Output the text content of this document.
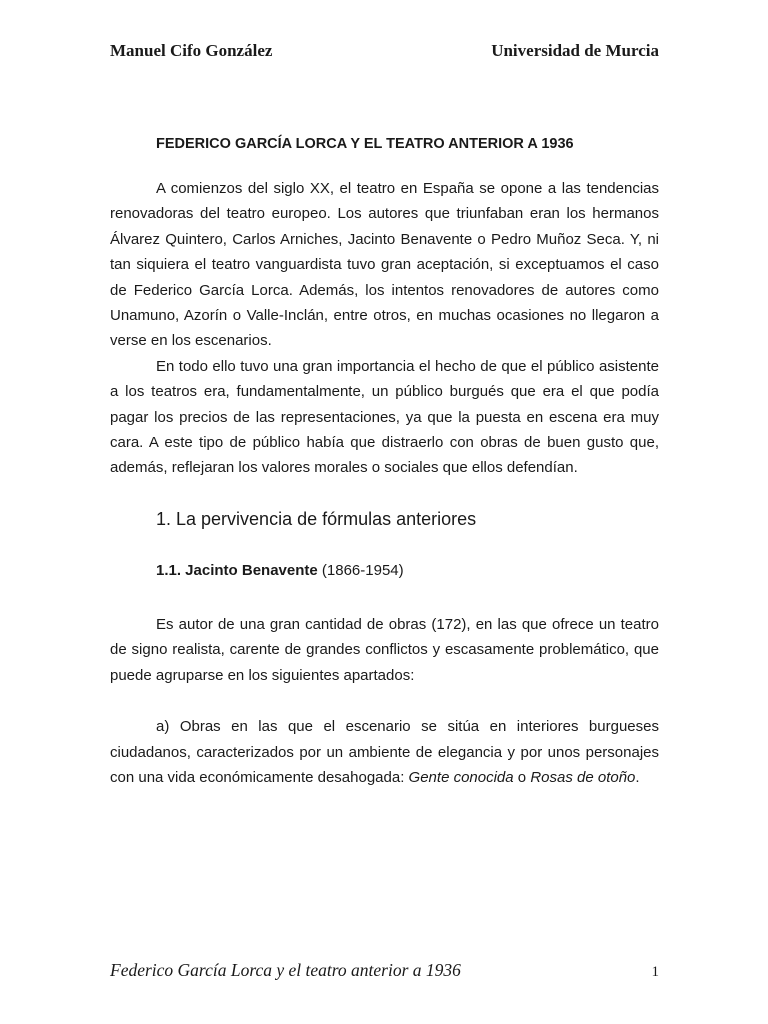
Manuel Cifo González	Universidad de Murcia

FEDERICO GARCÍA LORCA Y EL TEATRO ANTERIOR A 1936

A comienzos del siglo XX, el teatro en España se opone a las tendencias renovadoras del teatro europeo. Los autores que triunfaban eran los hermanos Álvarez Quintero, Carlos Arniches, Jacinto Benavente o Pedro Muñoz Seca. Y, ni tan siquiera el teatro vanguardista tuvo gran aceptación, si exceptuamos el caso de Federico García Lorca. Además, los intentos renovadores de autores como Unamuno, Azorín o Valle-Inclán, entre otros, en muchas ocasiones no llegaron a verse en los escenarios.

En todo ello tuvo una gran importancia el hecho de que el público asistente a los teatros era, fundamentalmente, un público burgués que era el que podía pagar los precios de las representaciones, ya que la puesta en escena era muy cara. A este tipo de público había que distraerlo con obras de buen gusto que, además, reflejaran los valores morales o sociales que ellos defendían.

1. La pervivencia de fórmulas anteriores

1.1. Jacinto Benavente (1866-1954)

Es autor de una gran cantidad de obras (172), en las que ofrece un teatro de signo realista, carente de grandes conflictos y escasamente problemático, que puede agruparse en los siguientes apartados:

a) Obras en las que el escenario se sitúa en interiores burgueses ciudadanos, caracterizados por un ambiente de elegancia y por unos personajes con una vida económicamente desahogada: Gente conocida o Rosas de otoño.

Federico García Lorca y el teatro anterior a 1936	1
